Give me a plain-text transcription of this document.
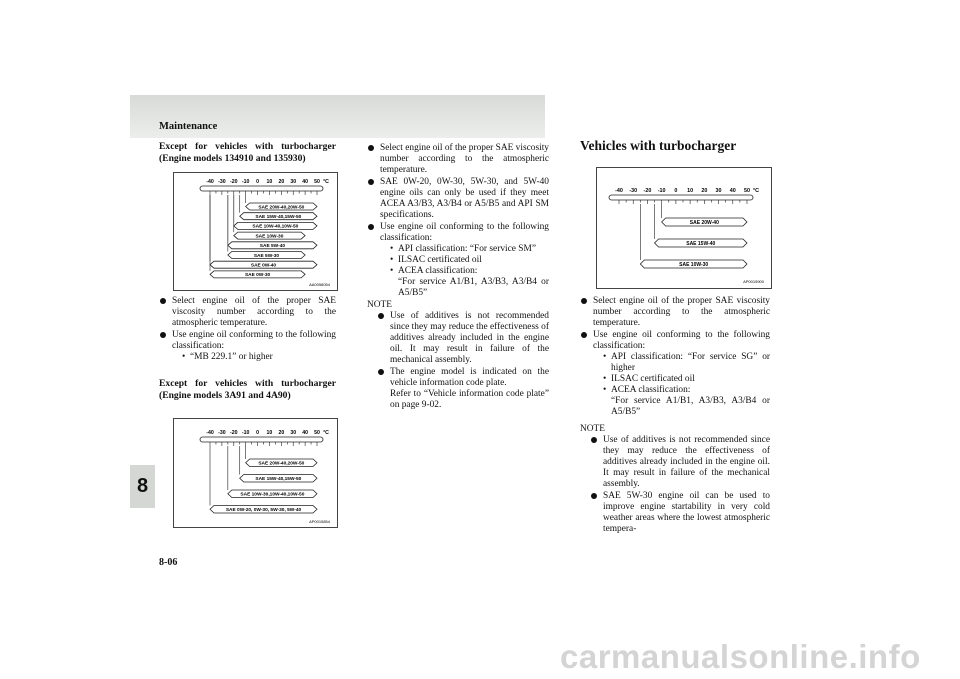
Maintenance
8
8-06
Except for vehicles with turbocharger (Engine models 134910 and 135930)
-40 -30 -20 -10 0 10 20 30 40 50 °C
SAE 20W-40,20W-50
SAE 15W-40,15W-50
SAE 10W-40,10W-50
SAE 10W-30
SAE 5W-40
SAE 5W-30
SAE 0W-40
SAE 0W-30
AA0058054
Select engine oil of the proper SAE viscosity number according to the atmospheric temperature.
Use engine oil conforming to the following classification:
• “MB 229.1” or higher
Except for vehicles with turbocharger (Engine models 3A91 and 4A90)
-40 -30 -20 -10 0 10 20 30 40 50 °C
SAE 20W-40,20W-50
SAE 15W-40,15W-50
SAE 10W-30,10W-40,10W-50
SAE 0W-20, 0W-30, 5W-30, 5W-40
AP0015854
Select engine oil of the proper SAE viscosity number according to the atmospheric temperature.
SAE 0W-20, 0W-30, 5W-30, and 5W-40 engine oils can only be used if they meet ACEA A3/B3, A3/B4 or A5/B5 and API SM specifications.
Use engine oil conforming to the following classification:
• API classification: “For service SM”
• ILSAC certificated oil
• ACEA classification:
“For service A1/B1, A3/B3, A3/B4 or A5/B5”

NOTE

Use of additives is not recommended since they may reduce the effectiveness of additives already included in the engine oil. It may result in failure of the mechanical assembly.
The engine model is indicated on the vehicle information code plate.
Refer to “Vehicle information code plate” on page 9-02.
Vehicles with turbocharger
-40 -30 -20 -10 0 10 20 30 40 50 °C
SAE 20W-40
SAE 15W-40
SAE 10W-30
AP0015900
Select engine oil of the proper SAE viscosity number according to the atmospheric temperature.
Use engine oil conforming to the following classification:
• API classification: “For service SG” or higher
• ILSAC certificated oil
• ACEA classification:
“For service A1/B1, A3/B3, A3/B4 or A5/B5”

NOTE

Use of additives is not recommended since they may reduce the effectiveness of additives already included in the engine oil. It may result in failure of the mechanical assembly.
SAE 5W-30 engine oil can be used to improve engine startability in very cold weather areas where the lowest atmospheric tempera-
carmanualsonline.info
